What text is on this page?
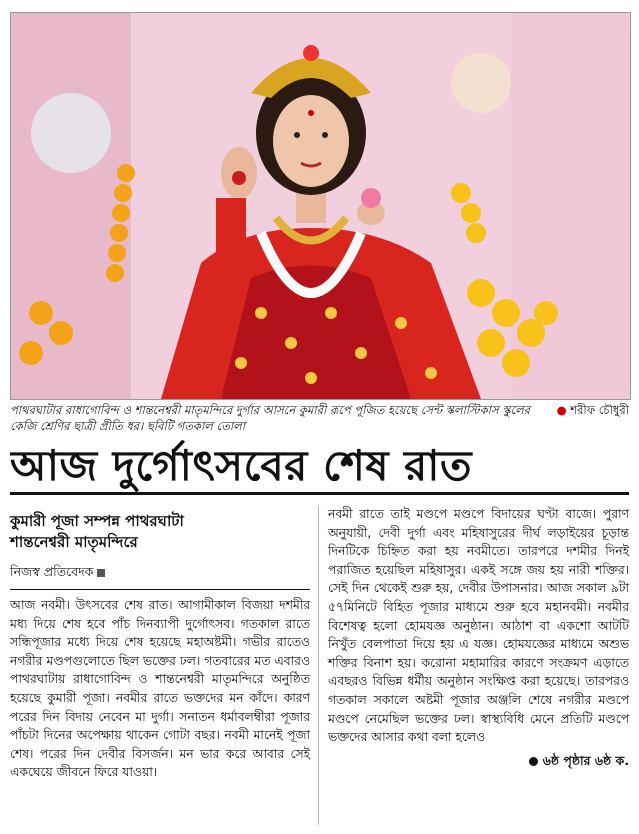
● শরীফ চৌধুরী
পাথরঘাটার রাধাগোবিন্দ ও শান্তনেশ্বরী মাতৃমন্দিরে দুর্গার আসনে কুমারী রূপে পূজিত হয়েছে সেন্ট স্কলাস্টিকাস স্কুলের কেজি শ্রেণির ছাত্রী প্রীতি ধর। ছবিটি গতকাল তোলা
আজ দুর্গোৎসবের শেষ রাত
কুমারী পূজা সম্পন্ন পাথরঘাটা
শান্তনেশ্বরী মাতৃমন্দিরে
নিজস্ব প্রতিবেদক

আজ নবমী। উৎসবের শেষ রাত। আগামীকাল বিজয়া দশমীর মধ্য দিয়ে শেষ হবে পাঁচ দিনব্যাপী দুর্গোৎসব। গতকাল রাতে সন্ধিপূজার মধ্যে দিয়ে শেষ হয়েছে মহাঅষ্টমী। গভীর রাতেও নগরীর মণ্ডপগুলোতে ছিল ভক্তের ঢল। গতবারের মত এবারও পাথরঘাটায় রাধাগোবিন্দ ও শান্তনেশ্বরী মাতৃমন্দিরে অনুষ্ঠিত হয়েছে কুমারী পূজা। নবমীর রাতে ভক্তদের মন কাঁদে। কারণ পরের দিন বিদায় নেবেন মা দুর্গা। সনাতন ধর্মাবলম্বীরা পূজার পাঁচটা দিনের অপেক্ষায় থাকেন গোটা বছর। নবমী মানেই পূজা শেষ। পরের দিন দেবীর বিসর্জন। মন ভার করে আবার সেই একঘেয়ে জীবনে ফিরে যাওয়া।

নবমী রাতে তাই মণ্ডপে মণ্ডপে বিদায়ের ঘণ্টা বাজে। পুরাণ অনুযায়ী, দেবী দুর্গা এবং মহিষাসুরের দীর্ঘ লড়াইয়ের চূড়ান্ত দিনটিকে চিহ্নিত করা হয় নবমীতে। তারপরে দশমীর দিনই পরাজিত হয়েছিল মহিষাসুর। একই সঙ্গে জয় হয় নারী শক্তির। সেই দিন থেকেই শুরু হয়, দেবীর উপাসনার। আজ সকাল ৯টা ৫৭মিনিটে বিহিত পূজার মাধ্যমে শুরু হবে মহানবমী। নবমীর বিশেষত্ব হলো হোমযজ্ঞ অনুষ্ঠান। আঠাশ বা একশো আটটি নিখুঁত বেলপাতা দিয়ে হয় এ যজ্ঞ। হোমযজ্ঞের মাধ্যমে অশুভ শক্তির বিনাশ হয়। করোনা মহামারির কারণে সংক্রমণ এড়াতে এবছরও বিভিন্ন ধর্মীয় অনুষ্ঠান সংক্ষিপ্ত করা হয়েছে। তারপরও গতকাল সকালে অষ্টমী পূজার অঞ্জলি শেষে নগরীর মণ্ডপে মণ্ডপে নেমেছিল ভক্তের ঢল। স্বাস্থ্যবিধি মেনে প্রতিটি মণ্ডপে ভক্তদের আসার কথা বলা হলেও

৬ষ্ঠ পৃষ্ঠার ৬ষ্ঠ ক.
